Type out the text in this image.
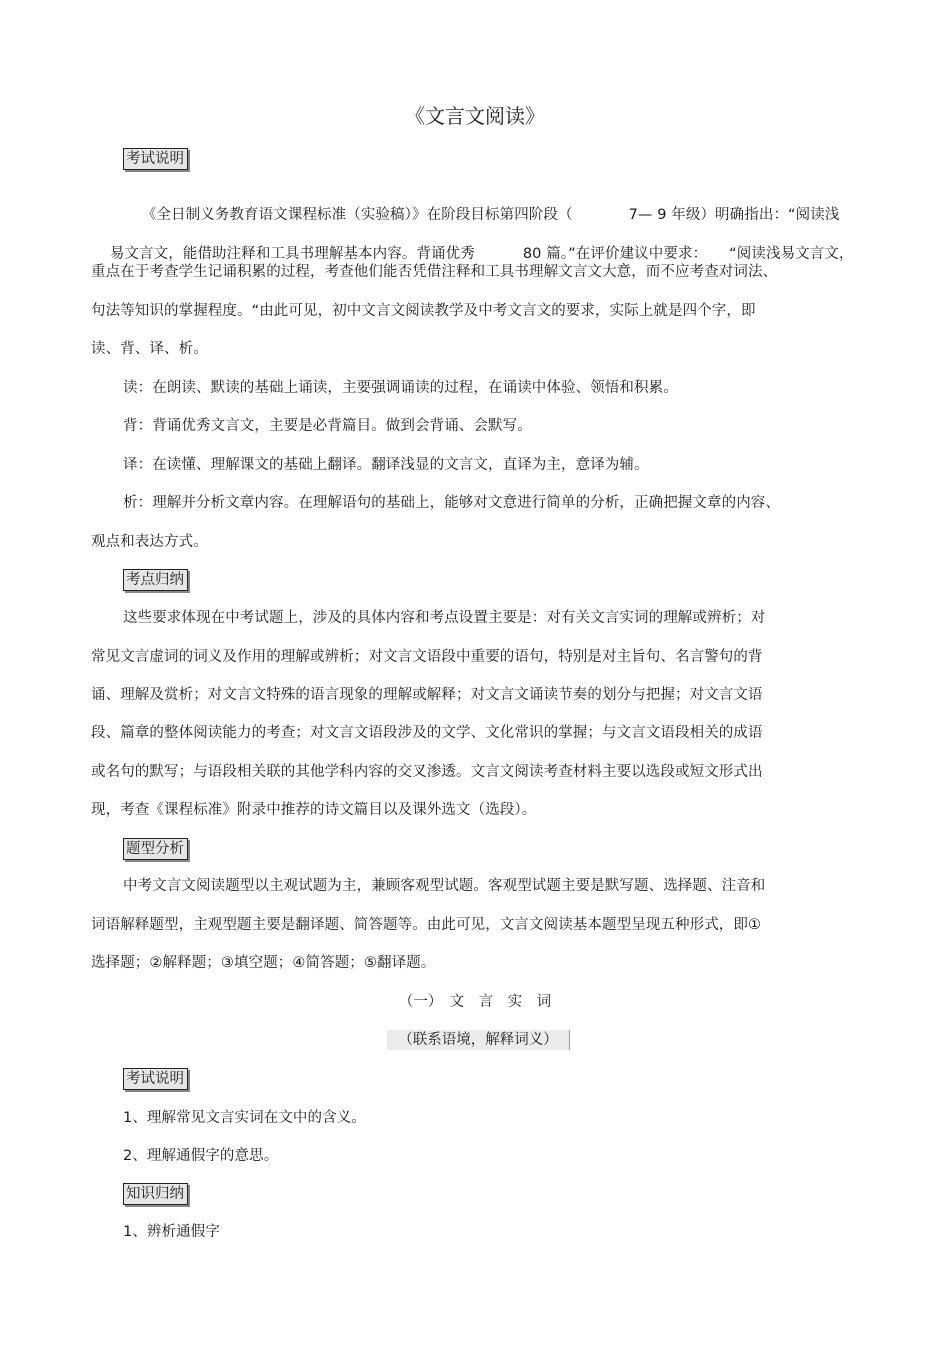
《文言文阅读》
考试说明

《全日制义务教育语文课程标准（实验稿）》在阶段目标第四阶段（	7— 9 年级）明确指出：“阅读浅

易文言文，能借助注释和工具书理解基本内容。背诵优秀	80 篇。”在评价建议中要求： “阅读浅易文言文，

重点在于考查学生记诵积累的过程，考查他们能否凭借注释和工具书理解文言文大意，而不应考查对词法、
句法等知识的掌握程度。“由此可见，初中文言文阅读教学及中考文言文的要求，实际上就是四个字，即
读、背、译、析。
读：在朗读、默读的基础上诵读，主要强调诵读的过程，在诵读中体验、领悟和积累。
背：背诵优秀文言文，主要是必背篇目。做到会背诵、会默写。
译：在读懂、理解课文的基础上翻译。翻译浅显的文言文，直译为主，意译为辅。
析：理解并分析文章内容。在理解语句的基础上，能够对文意进行简单的分析，正确把握文章的内容、
观点和表达方式。
考点归纳
这些要求体现在中考试题上，涉及的具体内容和考点设置主要是：对有关文言实词的理解或辨析；对
常见文言虚词的词义及作用的理解或辨析；对文言文语段中重要的语句，特别是对主旨句、名言警句的背
诵、理解及赏析；对文言文特殊的语言现象的理解或解释；对文言文诵读节奏的划分与把握；对文言文语
段、篇章的整体阅读能力的考查；对文言文语段涉及的文学、文化常识的掌握；与文言文语段相关的成语
或名句的默写；与语段相关联的其他学科内容的交叉渗透。文言文阅读考查材料主要以选段或短文形式出
现，考查《课程标准》附录中推荐的诗文篇目以及课外选文（选段）。
题型分析
中考文言文阅读题型以主观试题为主，兼顾客观型试题。客观型试题主要是默写题、选择题、注音和
词语解释题型，主观型题主要是翻译题、简答题等。由此可见，文言文阅读基本题型呈现五种形式，即①
选择题；②解释题；③填空题；④简答题；⑤翻译题。
（一）　文　言　实　词
（联系语境，解释词义）
考试说明
1、理解常见文言实词在文中的含义。
2、理解通假字的意思。
知识归纳
1、辨析通假字
